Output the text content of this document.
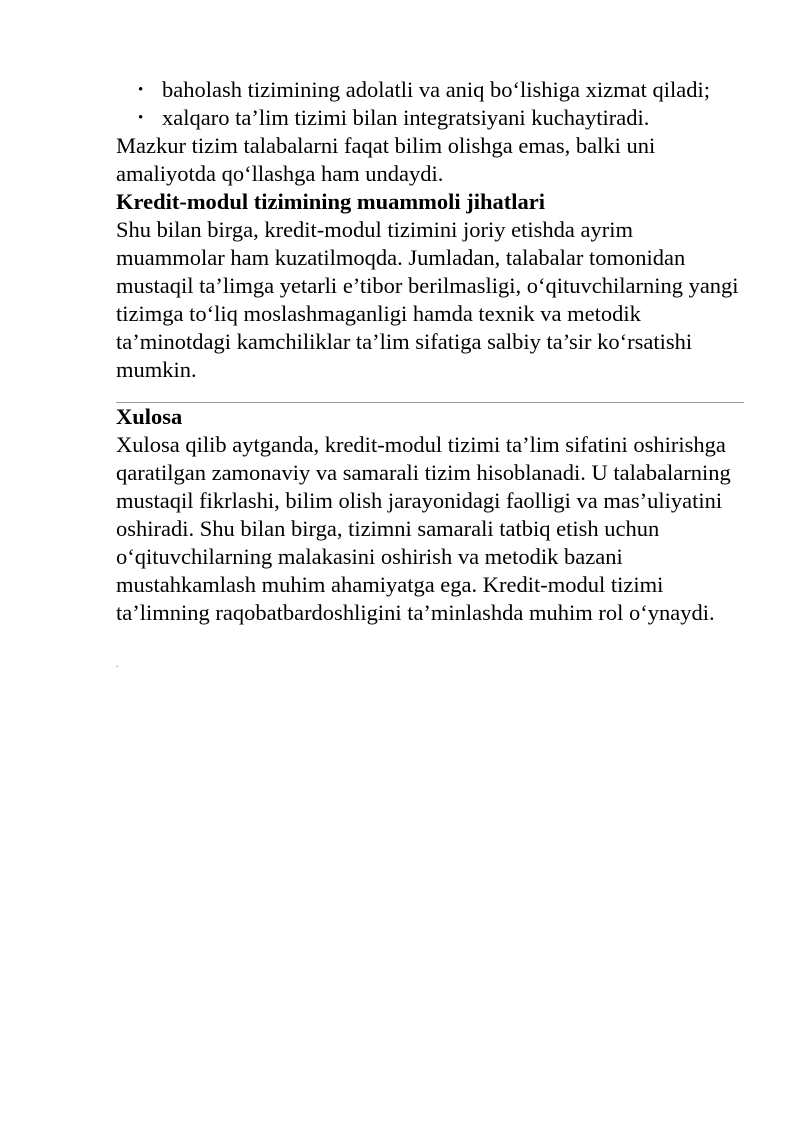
• baholash tizimining adolatli va aniq bo‘lishiga xizmat qiladi;
• xalqaro ta’lim tizimi bilan integratsiyani kuchaytiradi.

Mazkur tizim talabalarni faqat bilim olishga emas, balki uni amaliyotda qo‘llashga ham undaydi.

Kredit-modul tizimining muammoli jihatlari

Shu bilan birga, kredit-modul tizimini joriy etishda ayrim muammolar ham kuzatilmoqda. Jumladan, talabalar tomonidan mustaqil ta’limga yetarli e’tibor berilmasligi, o‘qituvchilarning yangi tizimga to‘liq moslashmaganligi hamda texnik va metodik ta’minotdagi kamchiliklar ta’lim sifatiga salbiy ta’sir ko‘rsatishi mumkin.

Xulosa

Xulosa qilib aytganda, kredit-modul tizimi ta’lim sifatini oshirishga qaratilgan zamonaviy va samarali tizim hisoblanadi. U talabalarning mustaqil fikrlashi, bilim olish jarayonidagi faolligi va mas’uliyatini oshiradi. Shu bilan birga, tizimni samarali tatbiq etish uchun o‘qituvchilarning malakasini oshirish va metodik bazani mustahkamlash muhim ahamiyatga ega. Kredit-modul tizimi ta’limning raqobatbardoshligini ta’minlashda muhim rol o‘ynaydi.

.
